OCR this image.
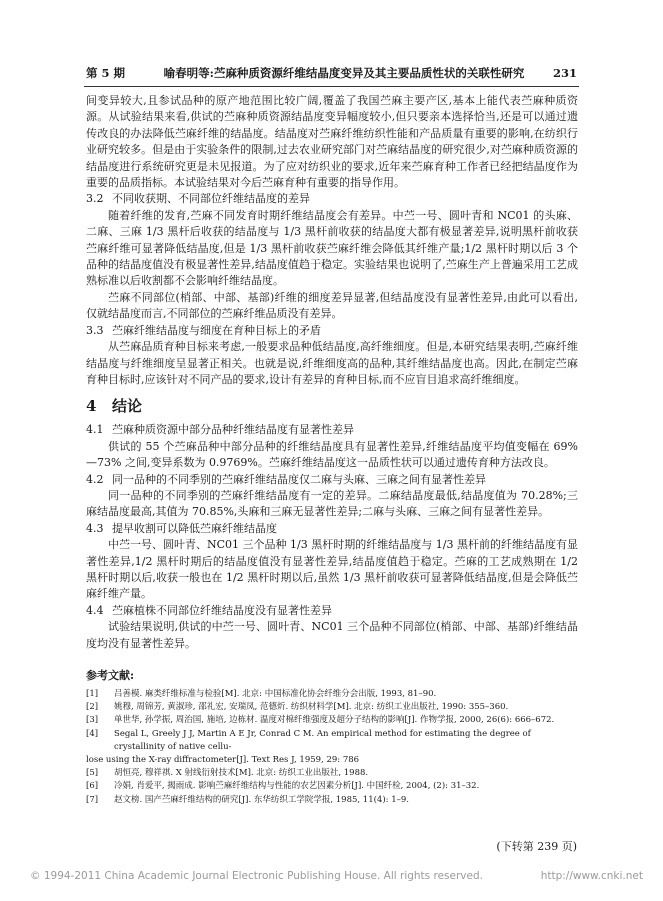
第 5 期	喻春明等:苎麻种质资源纤维结晶度变异及其主要品质性状的关联性研究	231

间变异较大,且参试品种的原产地范围比较广阔,覆盖了我国苎麻主要产区,基本上能代表苎麻种质资源。从试验结果来看,供试的苎麻种质资源结晶度变异幅度较小,但只要亲本选择恰当,还是可以通过遗传改良的办法降低苎麻纤维的结晶度。结晶度对苎麻纤维纺织性能和产品质量有重要的影响,在纺织行业研究较多。但是由于实验条件的限制,过去农业研究部门对苎麻结晶度的研究很少,对苎麻种质资源的结晶度进行系统研究更是未见报道。为了应对纺织业的要求,近年来苎麻育种工作者已经把结晶度作为重要的品质指标。本试验结果对今后苎麻育种有重要的指导作用。

3.2 不同收获期、不同部位纤维结晶度的差异

随着纤维的发育,苎麻不同发育时期纤维结晶度会有差异。中苎一号、圆叶青和 NC01 的头麻、二麻、三麻 1/3 黑杆后收获的结晶度与 1/3 黑杆前收获的结晶度大都有极显著差异,说明黑杆前收获苎麻纤维可显著降低结晶度,但是 1/3 黑杆前收获苎麻纤维会降低其纤维产量;1/2 黑杆时期以后 3 个品种的结晶度值没有极显著性差异,结晶度值趋于稳定。实验结果也说明了,苎麻生产上普遍采用工艺成熟标准以后收割都不会影响纤维结晶度。

苎麻不同部位(梢部、中部、基部)纤维的细度差异显著,但结晶度没有显著性差异,由此可以看出,仅就结晶度而言,不同部位的苎麻纤维品质没有差异。

3.3 苎麻纤维结晶度与细度在育种目标上的矛盾

从苎麻品质育种目标来考虑,一般要求品种低结晶度,高纤维细度。但是,本研究结果表明,苎麻纤维结晶度与纤维细度呈显著正相关。也就是说,纤维细度高的品种,其纤维结晶度也高。因此,在制定苎麻育种目标时,应该针对不同产品的要求,设计有差异的育种目标,而不应盲目追求高纤维细度。

4 结论
4.1 苎麻种质资源中部分品种纤维结晶度有显著性差异

供试的 55 个苎麻品种中部分品种的纤维结晶度具有显著性差异,纤维结晶度平均值变幅在 69%—73% 之间,变异系数为 0.9769%。苎麻纤维结晶度这一品质性状可以通过遗传育种方法改良。

4.2 同一品种的不同季别的苎麻纤维结晶度仅二麻与头麻、三麻之间有显著性差异

同一品种的不同季别的苎麻纤维结晶度有一定的差异。二麻结晶度最低,结晶度值为 70.28%;三麻结晶度最高,其值为 70.85%,头麻和三麻无显著性差异;二麻与头麻、三麻之间有显著性差异。

4.3 提早收割可以降低苎麻纤维结晶度

中苎一号、圆叶青、NC01 三个品种 1/3 黑杆时期的纤维结晶度与 1/3 黑杆前的纤维结晶度有显著性差异,1/2 黑杆时期后的结晶度值没有显著性差异,结晶度值趋于稳定。苎麻的工艺成熟期在 1/2 黑杆时期以后,收获一般也在 1/2 黑杆时期以后,虽然 1/3 黑杆前收获可显著降低结晶度,但是会降低苎麻纤维产量。

4.4 苎麻植株不同部位纤维结晶度没有显著性差异

试验结果说明,供试的中苎一号、圆叶青、NC01 三个品种不同部位(梢部、中部、基部)纤维结晶度均没有显著性差异。

参考文献:
[1]	吕善模. 麻类纤维标准与检验[M]. 北京: 中国标准化协会纤维分会出版, 1993, 81–90.
[2]	姚穆, 周锦芳, 黄淑珍, 邵礼宏, 安瑞凤, 范德炘. 纺织材料学[M]. 北京: 纺织工业出版社, 1990: 355–360.
[3]	单世华, 孙学振, 周治国, 施培, 边栋材. 温度对棉纤维强度及超分子结构的影响[J]. 作物学报, 2000, 26(6): 666–672.
[4]	Segal L, Greely J J, Martin A E Jr, Conrad C M. An empirical method for estimating the degree of crystallinity of native cellu-
lose using the X-ray diffractometer[J]. Text Res J, 1959, 29: 786
[5]	胡恒亮, 穆祥祺. X 射线衍射技术[M]. 北京: 纺织工业出版社, 1988.
[6]	冷娟, 肖爱平, 揭雨成. 影响苎麻纤维结构与性能的农艺因素分析[J]. 中国纤检, 2004, (2): 31–32.
[7]	赵文榜. 国产苎麻纤维结构的研究[J]. 东华纺织工学院学报, 1985, 11(4): 1–9.
(下转第 239 页)
© 1994-2011 China Academic Journal Electronic Publishing House. All rights reserved.	http://www.cnki.net
